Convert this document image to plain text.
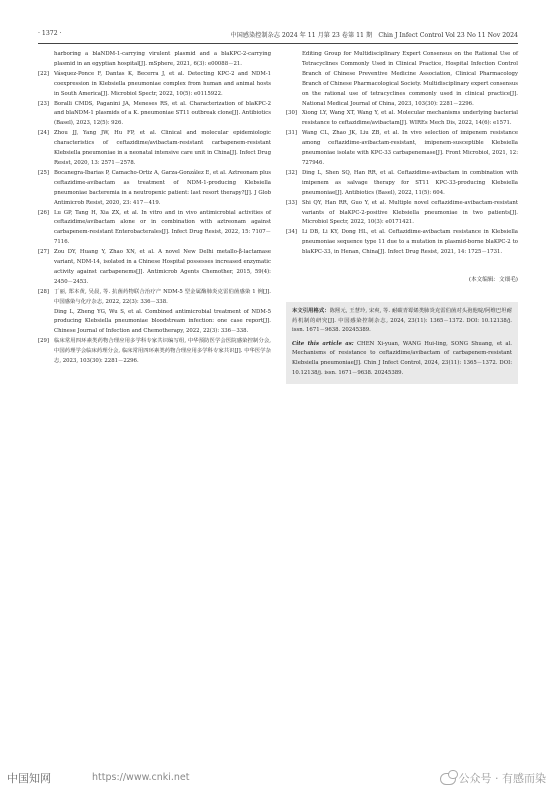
· 1372 ·	中国感染控制杂志 2024 年 11 月第 23 卷第 11 期　Chin J Infect Control Vol 23 No 11 Nov 2024

harboring a blaNDM-1-carrying virulent plasmid and a blaKPC-2-carrying plasmid in an egyptian hospital[J]. mSphere, 2021, 6(3): e00088－21.

[22] Vásquez-Ponce F, Dantas K, Becerra J, et al. Detecting KPC-2 and NDM-1 coexpression in Klebsiella pneumoniae complex from human and animal hosts in South America[J]. Microbiol Spectr, 2022, 10(5): e0115922.

[23] Boralli CMDS, Paganini JA, Meneses RS, et al. Characterization of blaKPC-2 and blaNDM-1 plasmids of a K. pneumoniae ST11 outbreak clone[J]. Antibiotics (Basel), 2023, 12(5): 926.

[24] Zhou JJ, Yang JW, Hu FP, et al. Clinical and molecular epidemiologic characteristics of ceftazidime/avibactam-resistant carbapenem-resistant Klebsiella pneumoniae in a neonatal intensive care unit in China[J]. Infect Drug Resist, 2020, 13: 2571－2578.

[25] Bocanegra-Ibarias P, Camacho-Ortiz A, Garza-González E, et al. Aztreonam plus ceftazidime-avibactam as treatment of NDM-1-producing Klebsiella pneumoniae bacteremia in a neutropenic patient: last resort therapy?[J]. J Glob Antimicrob Resist, 2020, 23: 417－419.

[26] Lu GP, Tang H, Xia ZX, et al. In vitro and in vivo antimicrobial activities of ceftazidime/avibactam alone or in combination with aztreonam against carbapenem-resistant Enterobacterales[J]. Infect Drug Resist, 2022, 15: 7107－7116.

[27] Zou DY, Huang Y, Zhao XN, et al. A novel New Delhi metallo-β-lactamase variant, NDM-14, isolated in a Chinese Hospital possesses increased enzymatic activity against carbapenems[J]. Antimicrob Agents Chemother, 2015, 59(4): 2450－2453.

[28] 丁丽, 郑本黄, 吴晨, 等. 抗菌药物联合治疗产 NDM-5 型金属酶肺炎克雷伯菌感染 1 例[J]. 中国感染与化疗杂志, 2022, 22(3): 336－338.

Ding L, Zheng YG, Wu S, et al. Combined antimicrobial treatment of NDM-5 producing Klebsiella pneumoniae bloodstream infection: one case report[J]. Chinese Journal of Infection and Chemotherapy, 2022, 22(3): 336－338.

[29] 临床常用四环素类药物合理应用多学科专家共识编写组, 中华预防医学会医院感染控制分会, 中国药理学会临床药理分会, 临床常用四环素类药物合理应用多学科专家共识[J]. 中华医学杂志, 2023, 103(30): 2281－2296.

Editing Group for Multidisciplinary Expert Consensus on the Rational Use of Tetracyclines Commonly Used in Clinical Practice, Hospital Infection Control Branch of Chinese Preventive Medicine Association, Clinical Pharmacology Branch of Chinese Pharmacological Society. Multidisciplinary expert consensus on the rational use of tetracyclines commonly used in clinical practice[J]. National Medical Journal of China, 2023, 103(30): 2281－2296.

[30] Xiong LY, Wang XT, Wang Y, et al. Molecular mechanisms underlying bacterial resistance to ceftazidime/avibactam[J]. WIREs Mech Dis, 2022, 14(6): e1571.

[31] Wang CL, Zhao JK, Liu ZB, et al. In vivo selection of imipenem resistance among ceftazidime-avibactam-resistant, imipenem-susceptible Klebsiella pneumoniae isolate with KPC-33 carbapenemase[J]. Front Microbiol, 2021, 12: 727946.

[32] Ding L, Shen SQ, Han RR, et al. Ceftazidime-avibactam in combination with imipenem as salvage therapy for ST11 KPC-33-producing Klebsiella pneumoniae[J]. Antibiotics (Basel), 2022, 11(5): 604.

[33] Shi QY, Han RR, Guo Y, et al. Multiple novel ceftazidime-avibactam-resistant variants of blaKPC-2-positive Klebsiella pneumoniae in two patients[J]. Microbiol Spectr, 2022, 10(3): e0171421.

[34] Li DB, Li KY, Dong HL, et al. Ceftazidime-avibactam resistance in Klebsiella pneumoniae sequence type 11 due to a mutation in plasmid-borne blaKPC-2 to blaKPC-33, in Henan, China[J]. Infect Drug Resist, 2021, 14: 1725－1731.

(本文编辑：文细毛)

本文引用格式：陈熙元, 王慧玲, 宋爽, 等. 耐碳青霉烯类肺炎克雷伯菌对头孢他啶/阿维巴坦耐药机制的研究[J]. 中国感染控制杂志, 2024, 23(11): 1365－1372. DOI: 10.12138/j. issn. 1671－9638. 20245389.

Cite this article as: CHEN Xi-yuan, WANG Hui-ling, SONG Shuang, et al. Mechanisms of resistance to ceftazidime/avibactam of carbapenem-resistant Klebsiella pneumoniae[J]. Chin J Infect Control, 2024, 23(11): 1365－1372. DOI: 10.12138/j. issn. 1671－9638. 20245389.

中国知网	https://www.cnki.net	公众号 · 有感而染
